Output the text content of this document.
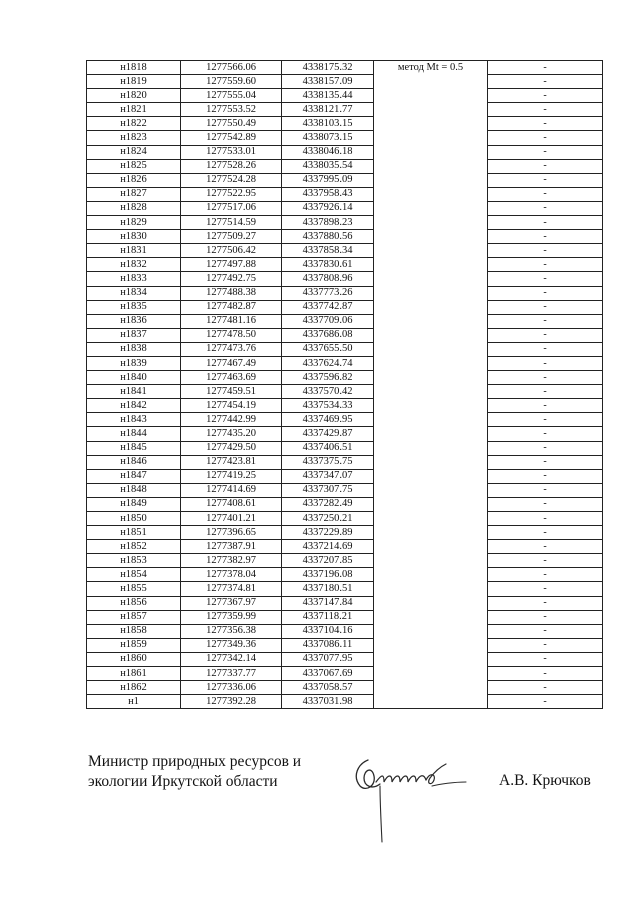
н1818	1277566.06	4338175.32	метод Mt = 0.5	-
н1819	1277559.60	4338157.09		-
н1820	1277555.04	4338135.44		-
н1821	1277553.52	4338121.77		-
н1822	1277550.49	4338103.15		-
н1823	1277542.89	4338073.15		-
н1824	1277533.01	4338046.18		-
н1825	1277528.26	4338035.54		-
н1826	1277524.28	4337995.09		-
н1827	1277522.95	4337958.43		-
н1828	1277517.06	4337926.14		-
н1829	1277514.59	4337898.23		-
н1830	1277509.27	4337880.56		-
н1831	1277506.42	4337858.34		-
н1832	1277497.88	4337830.61		-
н1833	1277492.75	4337808.96		-
н1834	1277488.38	4337773.26		-
н1835	1277482.87	4337742.87		-
н1836	1277481.16	4337709.06		-
н1837	1277478.50	4337686.08		-
н1838	1277473.76	4337655.50		-
н1839	1277467.49	4337624.74		-
н1840	1277463.69	4337596.82		-
н1841	1277459.51	4337570.42		-
н1842	1277454.19	4337534.33		-
н1843	1277442.99	4337469.95		-
н1844	1277435.20	4337429.87		-
н1845	1277429.50	4337406.51		-
н1846	1277423.81	4337375.75		-
н1847	1277419.25	4337347.07		-
н1848	1277414.69	4337307.75		-
н1849	1277408.61	4337282.49		-
н1850	1277401.21	4337250.21		-
н1851	1277396.65	4337229.89		-
н1852	1277387.91	4337214.69		-
н1853	1277382.97	4337207.85		-
н1854	1277378.04	4337196.08		-
н1855	1277374.81	4337180.51		-
н1856	1277367.97	4337147.84		-
н1857	1277359.99	4337118.21		-
н1858	1277356.38	4337104.16		-
н1859	1277349.36	4337086.11		-
н1860	1277342.14	4337077.95		-
н1861	1277337.77	4337067.69		-
н1862	1277336.06	4337058.57		-
н1	1277392.28	4337031.98		-
Министр природных ресурсов и
экологии Иркутской области	А.В. Крючков
